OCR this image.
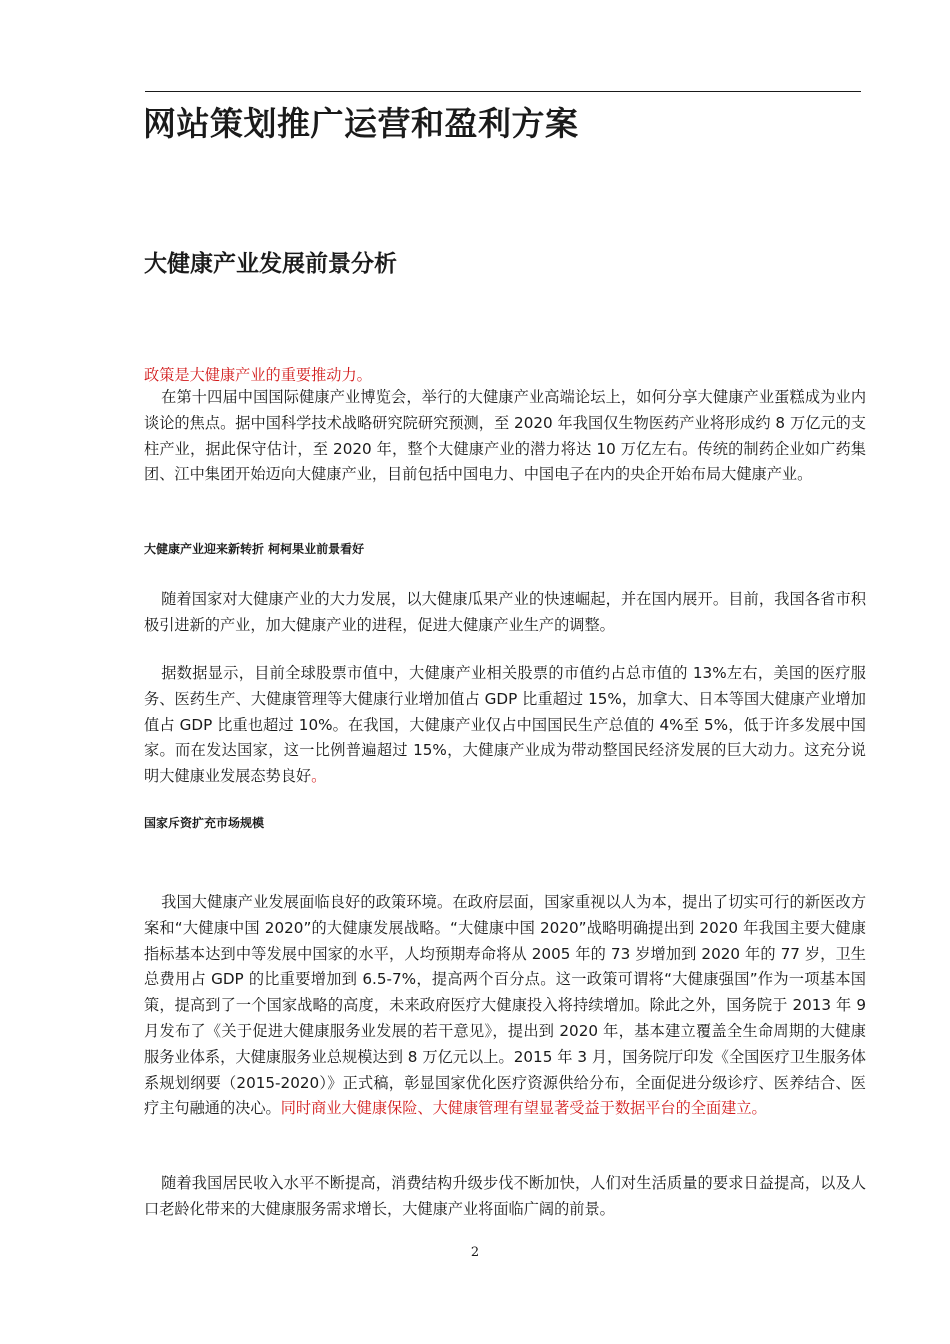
网站策划推广运营和盈利方案
大健康产业发展前景分析

政策是大健康产业的重要推动力。

在第十四届中国国际健康产业博览会，举行的大健康产业高端论坛上，如何分享大健康产业蛋糕成为业内谈论的焦点。据中国科学技术战略研究院研究预测，至 2020 年我国仅生物医药产业将形成约 8 万亿元的支柱产业，据此保守估计，至 2020 年，整个大健康产业的潜力将达 10 万亿左右。传统的制药企业如广药集团、江中集团开始迈向大健康产业，目前包括中国电力、中国电子在内的央企开始布局大健康产业。

大健康产业迎来新转折 柯柯果业前景看好

随着国家对大健康产业的大力发展，以大健康瓜果产业的快速崛起，并在国内展开。目前，我国各省市积极引进新的产业，加大健康产业的进程，促进大健康产业生产的调整。

据数据显示，目前全球股票市值中，大健康产业相关股票的市值约占总市值的 13%左右，美国的医疗服务、医药生产、大健康管理等大健康行业增加值占 GDP 比重超过 15%，加拿大、日本等国大健康产业增加值占 GDP 比重也超过 10%。在我国，大健康产业仅占中国国民生产总值的 4%至 5%，低于许多发展中国家。而在发达国家，这一比例普遍超过 15%，大健康产业成为带动整国民经济发展的巨大动力。这充分说明大健康业发展态势良好。

国家斥资扩充市场规模

我国大健康产业发展面临良好的政策环境。在政府层面，国家重视以人为本，提出了切实可行的新医改方案和“大健康中国 2020”的大健康发展战略。“大健康中国 2020”战略明确提出到 2020 年我国主要大健康指标基本达到中等发展中国家的水平，人均预期寿命将从 2005 年的 73 岁增加到 2020 年的 77 岁，卫生总费用占 GDP 的比重要增加到 6.5-7%，提高两个百分点。这一政策可谓将“大健康强国”作为一项基本国策，提高到了一个国家战略的高度，未来政府医疗大健康投入将持续增加。除此之外，国务院于 2013 年 9 月发布了《关于促进大健康服务业发展的若干意见》，提出到 2020 年，基本建立覆盖全生命周期的大健康服务业体系，大健康服务业总规模达到 8 万亿元以上。2015 年 3 月，国务院厅印发《全国医疗卫生服务体系规划纲要（2015-2020）》正式稿，彰显国家优化医疗资源供给分布，全面促进分级诊疗、医养结合、医疗主句融通的决心。同时商业大健康保险、大健康管理有望显著受益于数据平台的全面建立。

随着我国居民收入水平不断提高，消费结构升级步伐不断加快，人们对生活质量的要求日益提高，以及人口老龄化带来的大健康服务需求增长，大健康产业将面临广阔的前景。

2
